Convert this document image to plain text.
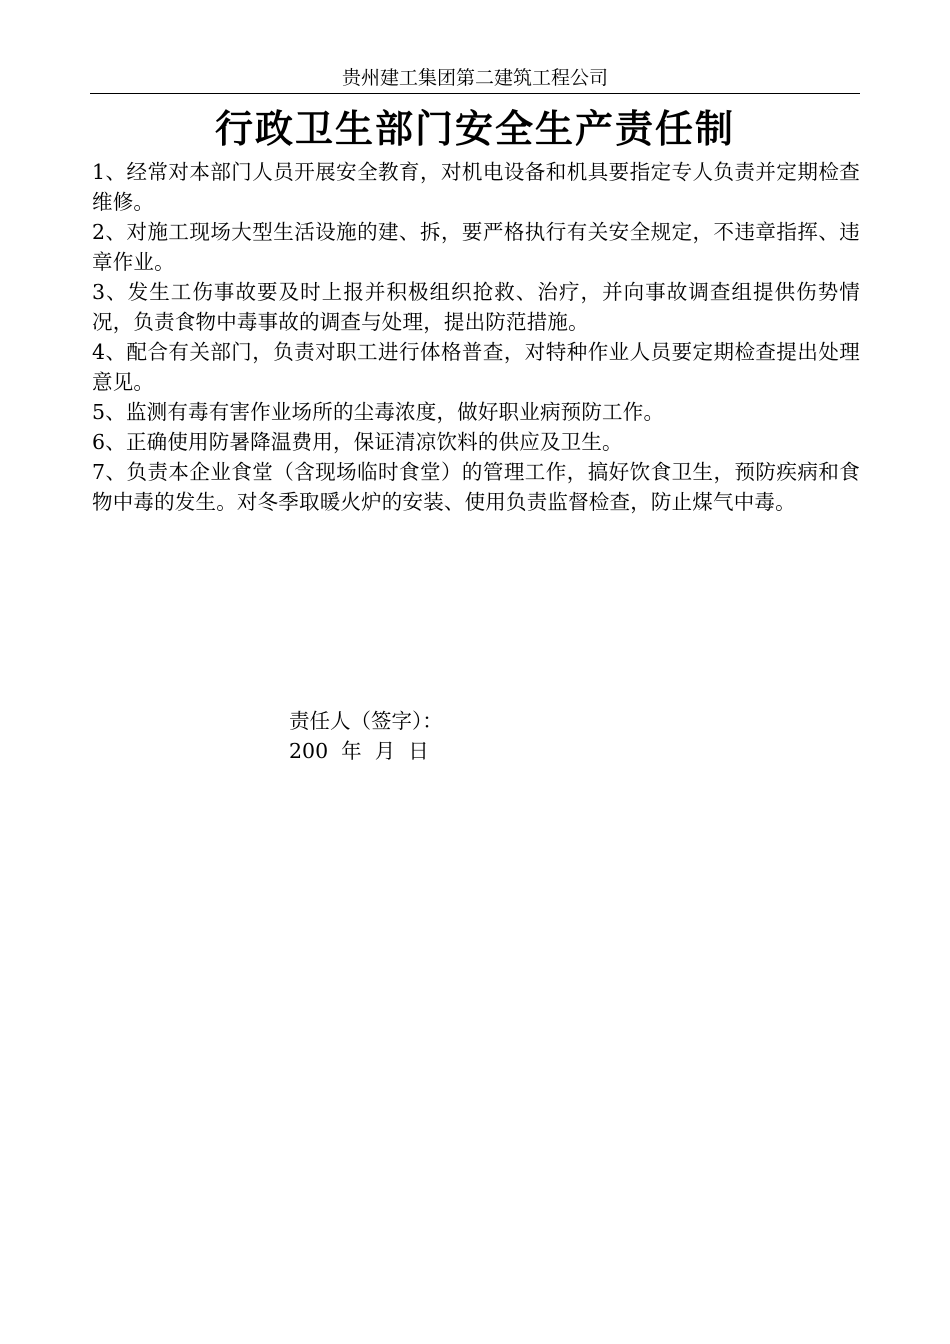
贵州建工集团第二建筑工程公司
行政卫生部门安全生产责任制

1、经常对本部门人员开展安全教育，对机电设备和机具要指定专人负责并定期检查维修。

2、对施工现场大型生活设施的建、拆，要严格执行有关安全规定，不违章指挥、违章作业。

3、发生工伤事故要及时上报并积极组织抢救、治疗，并向事故调查组提供伤势情况，负责食物中毒事故的调查与处理，提出防范措施。

4、配合有关部门，负责对职工进行体格普查，对特种作业人员要定期检查提出处理意见。

5、监测有毒有害作业场所的尘毒浓度，做好职业病预防工作。

6、正确使用防暑降温费用，保证清凉饮料的供应及卫生。

7、负责本企业食堂（含现场临时食堂）的管理工作，搞好饮食卫生，预防疾病和食物中毒的发生。对冬季取暖火炉的安装、使用负责监督检查，防止煤气中毒。

责任人（签字）：
200  年  月  日
